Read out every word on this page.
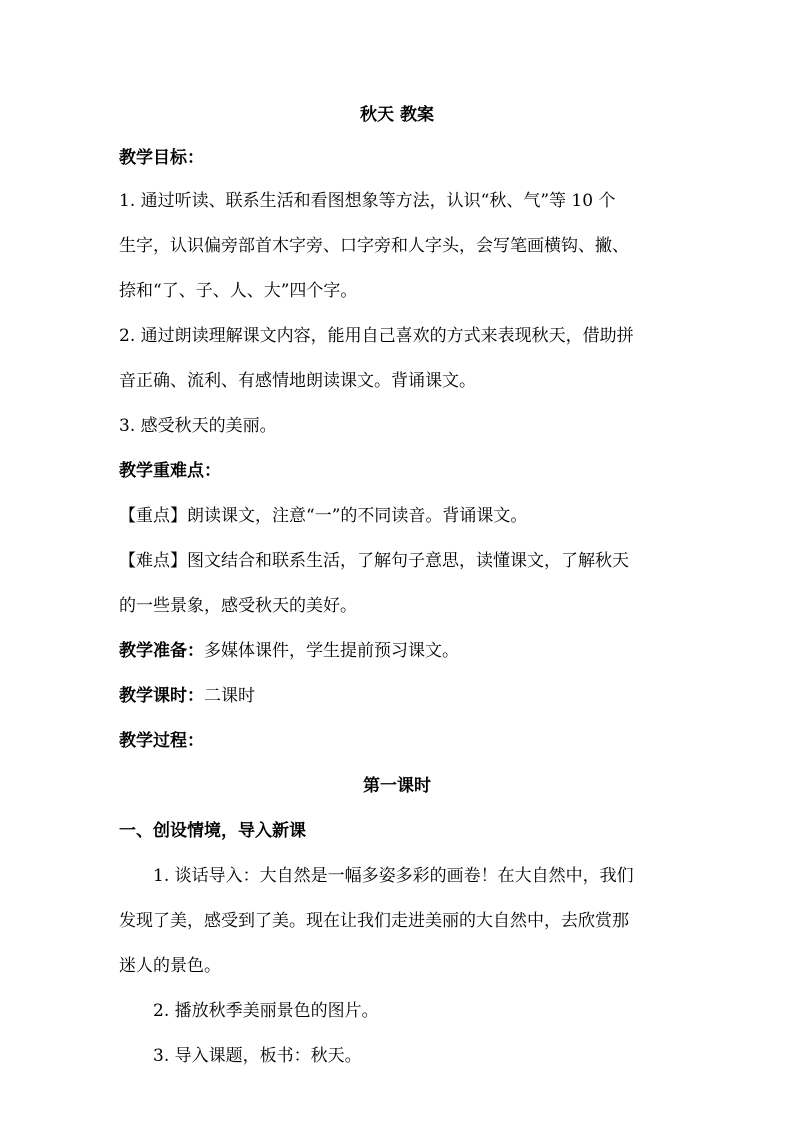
秋天 教案

教学目标：

1. 通过听读、联系生活和看图想象等方法，认识“秋、气”等 10 个

生字，认识偏旁部首木字旁、口字旁和人字头，会写笔画横钩、撇、

捺和“了、子、人、大”四个字。

2. 通过朗读理解课文内容，能用自己喜欢的方式来表现秋天，借助拼

音正确、流利、有感情地朗读课文。背诵课文。

3. 感受秋天的美丽。

教学重难点：

【重点】朗读课文，注意“一”的不同读音。背诵课文。

【难点】图文结合和联系生活，了解句子意思，读懂课文，了解秋天

的一些景象，感受秋天的美好。

教学准备：多媒体课件，学生提前预习课文。

教学课时：二课时

教学过程：

第一课时

一、创设情境，导入新课

1. 谈话导入：大自然是一幅多姿多彩的画卷！在大自然中，我们

发现了美，感受到了美。现在让我们走进美丽的大自然中，去欣赏那

迷人的景色。

2. 播放秋季美丽景色的图片。

3. 导入课题，板书：秋天。
